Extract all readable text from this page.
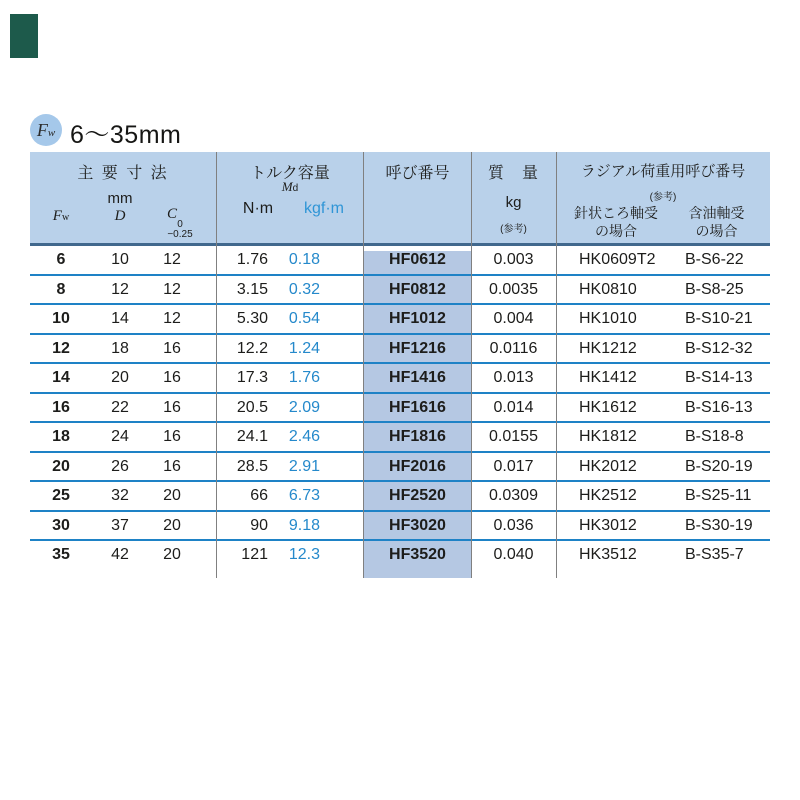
Fw 6〜35mm
主 要 寸 法
mm
Fw	D	C
0
−0.25
トルク容量
Md
N·m	kgf·m
呼び番号	質　量
kg
(参考)
ラジアル荷重用呼び番号
(参考)
針状ころ軸受
の場合
含油軸受
の場合
6	10	12	1.76	0.18	HF0612	0.003	HK0609T2	B-S6-22
8	12	12	3.15	0.32	HF0812	0.0035	HK0810	B-S8-25
10	14	12	5.30	0.54	HF1012	0.004	HK1010	B-S10-21
12	18	16	12.2	1.24	HF1216	0.0116	HK1212	B-S12-32
14	20	16	17.3	1.76	HF1416	0.013	HK1412	B-S14-13
16	22	16	20.5	2.09	HF1616	0.014	HK1612	B-S16-13
18	24	16	24.1	2.46	HF1816	0.0155	HK1812	B-S18-8
20	26	16	28.5	2.91	HF2016	0.017	HK2012	B-S20-19
25	32	20	66	6.73	HF2520	0.0309	HK2512	B-S25-11
30	37	20	90	9.18	HF3020	0.036	HK3012	B-S30-19
35	42	20	121	12.3	HF3520	0.040	HK3512	B-S35-7
